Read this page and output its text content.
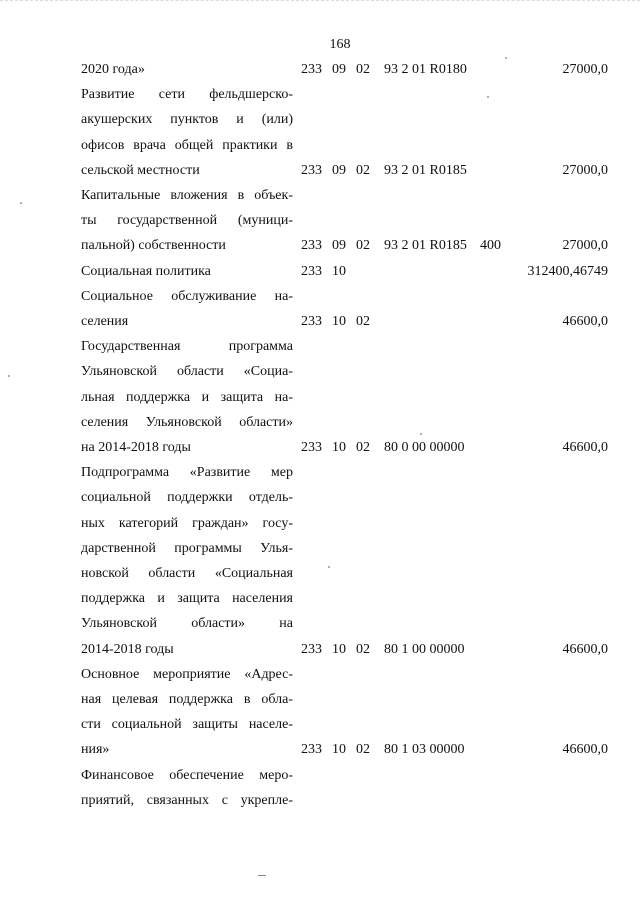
168
2020 года»	233 09 02 93 2 01 R0180	27000,0
Развитие сети фельдшерско-
акушерских пунктов и (или)
офисов врача общей практики в
сельской местности	233 09 02 93 2 01 R0185	27000,0
Капитальные вложения в объек-
ты государственной (муници-
пальной) собственности	233 09 02 93 2 01 R0185 400	27000,0
Социальная политика	233 10	312400,46749
Социальное обслуживание на-
селения	233 10 02	46600,0
Государственная программа
Ульяновской области «Социа-
льная поддержка и защита на-
селения Ульяновской области»
на 2014-2018 годы	233 10 02 80 0 00 00000	46600,0
Подпрограмма «Развитие мер
социальной поддержки отдель-
ных категорий граждан» госу-
дарственной программы Улья-
новской области «Социальная
поддержка и защита населения
Ульяновской области» на
2014-2018 годы	233 10 02 80 1 00 00000	46600,0
Основное мероприятие «Адрес-
ная целевая поддержка в обла-
сти социальной защиты населе-
ния»	233 10 02 80 1 03 00000	46600,0
Финансовое обеспечение меро-
приятий, связанных с укрепле-
